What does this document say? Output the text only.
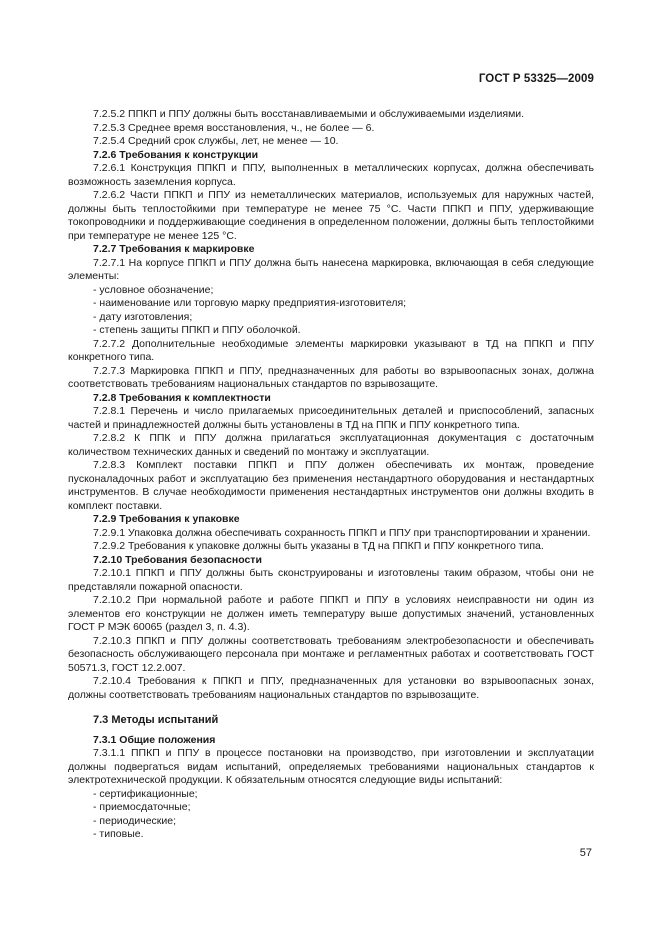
ГОСТ Р 53325—2009

7.2.5.2 ППКП и ППУ должны быть восстанавливаемыми и обслуживаемыми изделиями.

7.2.5.3 Среднее время восстановления, ч., не более — 6.

7.2.5.4 Средний срок службы, лет, не менее — 10.

7.2.6 Требования к конструкции

7.2.6.1 Конструкция ППКП и ППУ, выполненных в металлических корпусах, должна обеспечивать возможность заземления корпуса.

7.2.6.2 Части ППКП и ППУ из неметаллических материалов, используемых для наружных частей, должны быть теплостойкими при температуре не менее 75 °С. Части ППКП и ППУ, удерживающие токопроводники и поддерживающие соединения в определенном положении, должны быть теплостойкими при температуре не менее 125 °С.

7.2.7 Требования к маркировке

7.2.7.1 На корпусе ППКП и ППУ должна быть нанесена маркировка, включающая в себя следующие элементы:

- условное обозначение;

- наименование или торговую марку предприятия-изготовителя;

- дату изготовления;

- степень защиты ППКП и ППУ оболочкой.

7.2.7.2 Дополнительные необходимые элементы маркировки указывают в ТД на ППКП и ППУ конкретного типа.

7.2.7.3 Маркировка ППКП и ППУ, предназначенных для работы во взрывоопасных зонах, должна соответствовать требованиям национальных стандартов по взрывозащите.

7.2.8 Требования к комплектности

7.2.8.1 Перечень и число прилагаемых присоединительных деталей и приспособлений, запасных частей и принадлежностей должны быть установлены в ТД на ППК и ППУ конкретного типа.

7.2.8.2 К ППК и ППУ должна прилагаться эксплуатационная документация с достаточным количеством технических данных и сведений по монтажу и эксплуатации.

7.2.8.3 Комплект поставки ППКП и ППУ должен обеспечивать их монтаж, проведение пусконаладочных работ и эксплуатацию без применения нестандартного оборудования и нестандартных инструментов. В случае необходимости применения нестандартных инструментов они должны входить в комплект поставки.

7.2.9 Требования к упаковке

7.2.9.1 Упаковка должна обеспечивать сохранность ППКП и ППУ при транспортировании и хранении.

7.2.9.2 Требования к упаковке должны быть указаны в ТД на ППКП и ППУ конкретного типа.

7.2.10 Требования безопасности

7.2.10.1 ППКП и ППУ должны быть сконструированы и изготовлены таким образом, чтобы они не представляли пожарной опасности.

7.2.10.2 При нормальной работе и работе ППКП и ППУ в условиях неисправности ни один из элементов его конструкции не должен иметь температуру выше допустимых значений, установленных ГОСТ Р МЭК 60065 (раздел 3, п. 4.3).

7.2.10.3 ППКП и ППУ должны соответствовать требованиям электробезопасности и обеспечивать безопасность обслуживающего персонала при монтаже и регламентных работах и соответствовать ГОСТ 50571.3, ГОСТ 12.2.007.

7.2.10.4 Требования к ППКП и ППУ, предназначенных для установки во взрывоопасных зонах, должны соответствовать требованиям национальных стандартов по взрывозащите.

7.3 Методы испытаний

7.3.1 Общие положения

7.3.1.1 ППКП и ППУ в процессе постановки на производство, при изготовлении и эксплуатации должны подвергаться видам испытаний, определяемых требованиями национальных стандартов к электротехнической продукции. К обязательным относятся следующие виды испытаний:

- сертификационные;

- приемосдаточные;

- периодические;

- типовые.

57
